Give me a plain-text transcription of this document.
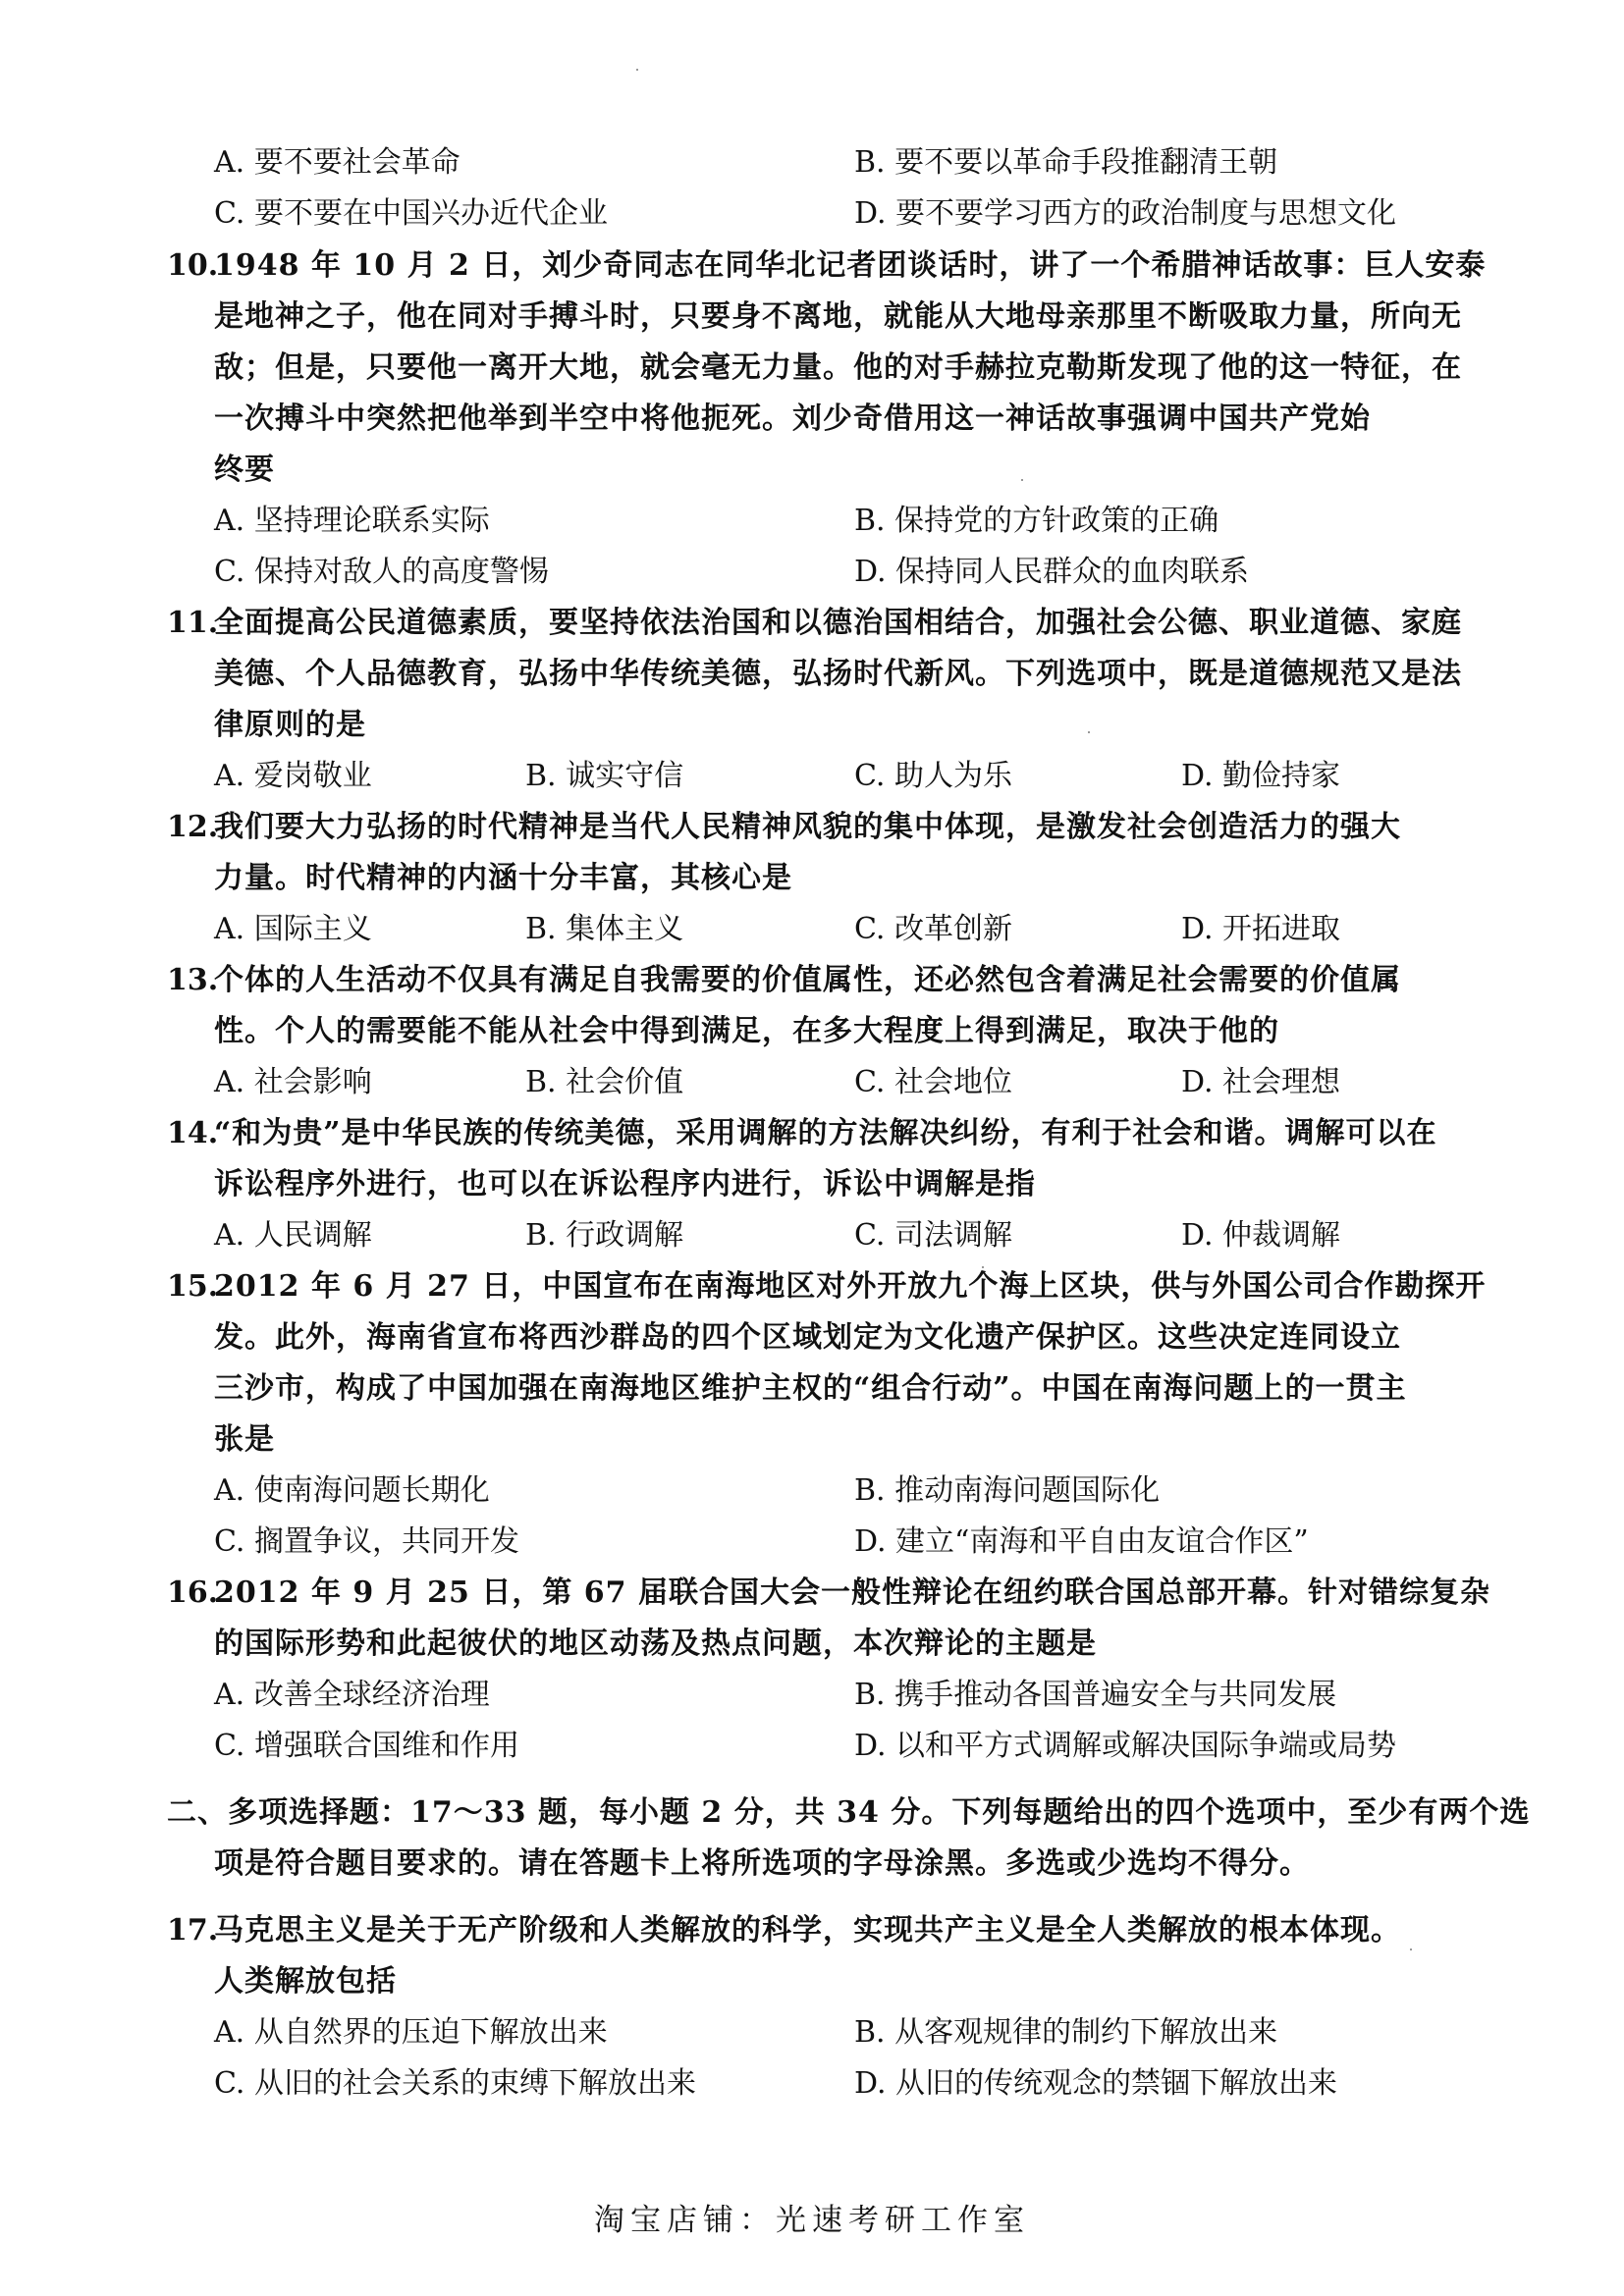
A. 要不要社会革命	B. 要不要以革命手段推翻清王朝
C. 要不要在中国兴办近代企业	D. 要不要学习西方的政治制度与思想文化
10.
1948 年 10 月 2 日，刘少奇同志在同华北记者团谈话时，讲了一个希腊神话故事：巨人安泰
是地神之子，他在同对手搏斗时，只要身不离地，就能从大地母亲那里不断吸取力量，所向无
敌；但是，只要他一离开大地，就会毫无力量。他的对手赫拉克勒斯发现了他的这一特征，在
一次搏斗中突然把他举到半空中将他扼死。刘少奇借用这一神话故事强调中国共产党始
终要
A. 坚持理论联系实际	B. 保持党的方针政策的正确
C. 保持对敌人的高度警惕	D. 保持同人民群众的血肉联系
11.
全面提高公民道德素质，要坚持依法治国和以德治国相结合，加强社会公德、职业道德、家庭
美德、个人品德教育，弘扬中华传统美德，弘扬时代新风。下列选项中，既是道德规范又是法
律原则的是
A. 爱岗敬业	B. 诚实守信	C. 助人为乐	D. 勤俭持家
12.
我们要大力弘扬的时代精神是当代人民精神风貌的集中体现，是激发社会创造活力的强大
力量。时代精神的内涵十分丰富，其核心是
A. 国际主义	B. 集体主义	C. 改革创新	D. 开拓进取
13.
个体的人生活动不仅具有满足自我需要的价值属性，还必然包含着满足社会需要的价值属
性。个人的需要能不能从社会中得到满足，在多大程度上得到满足，取决于他的
A. 社会影响	B. 社会价值	C. 社会地位	D. 社会理想
14.
“和为贵”是中华民族的传统美德，采用调解的方法解决纠纷，有利于社会和谐。调解可以在
诉讼程序外进行，也可以在诉讼程序内进行，诉讼中调解是指
A. 人民调解	B. 行政调解	C. 司法调解	D. 仲裁调解
15.
2012 年 6 月 27 日，中国宣布在南海地区对外开放九个海上区块，供与外国公司合作勘探开
发。此外，海南省宣布将西沙群岛的四个区域划定为文化遗产保护区。这些决定连同设立
三沙市，构成了中国加强在南海地区维护主权的“组合行动”。中国在南海问题上的一贯主
张是
A. 使南海问题长期化	B. 推动南海问题国际化
C. 搁置争议，共同开发	D. 建立“南海和平自由友谊合作区”
16.
2012 年 9 月 25 日，第 67 届联合国大会一般性辩论在纽约联合国总部开幕。针对错综复杂
的国际形势和此起彼伏的地区动荡及热点问题，本次辩论的主题是
A. 改善全球经济治理	B. 携手推动各国普遍安全与共同发展
C. 增强联合国维和作用	D. 以和平方式调解或解决国际争端或局势
二、多项选择题：17～33 题，每小题 2 分，共 34 分。下列每题给出的四个选项中，至少有两个选
项是符合题目要求的。请在答题卡上将所选项的字母涂黑。多选或少选均不得分。
17.
马克思主义是关于无产阶级和人类解放的科学，实现共产主义是全人类解放的根本体现。
人类解放包括
A. 从自然界的压迫下解放出来	B. 从客观规律的制约下解放出来
C. 从旧的社会关系的束缚下解放出来	D. 从旧的传统观念的禁锢下解放出来
淘宝店铺：光速考研工作室
